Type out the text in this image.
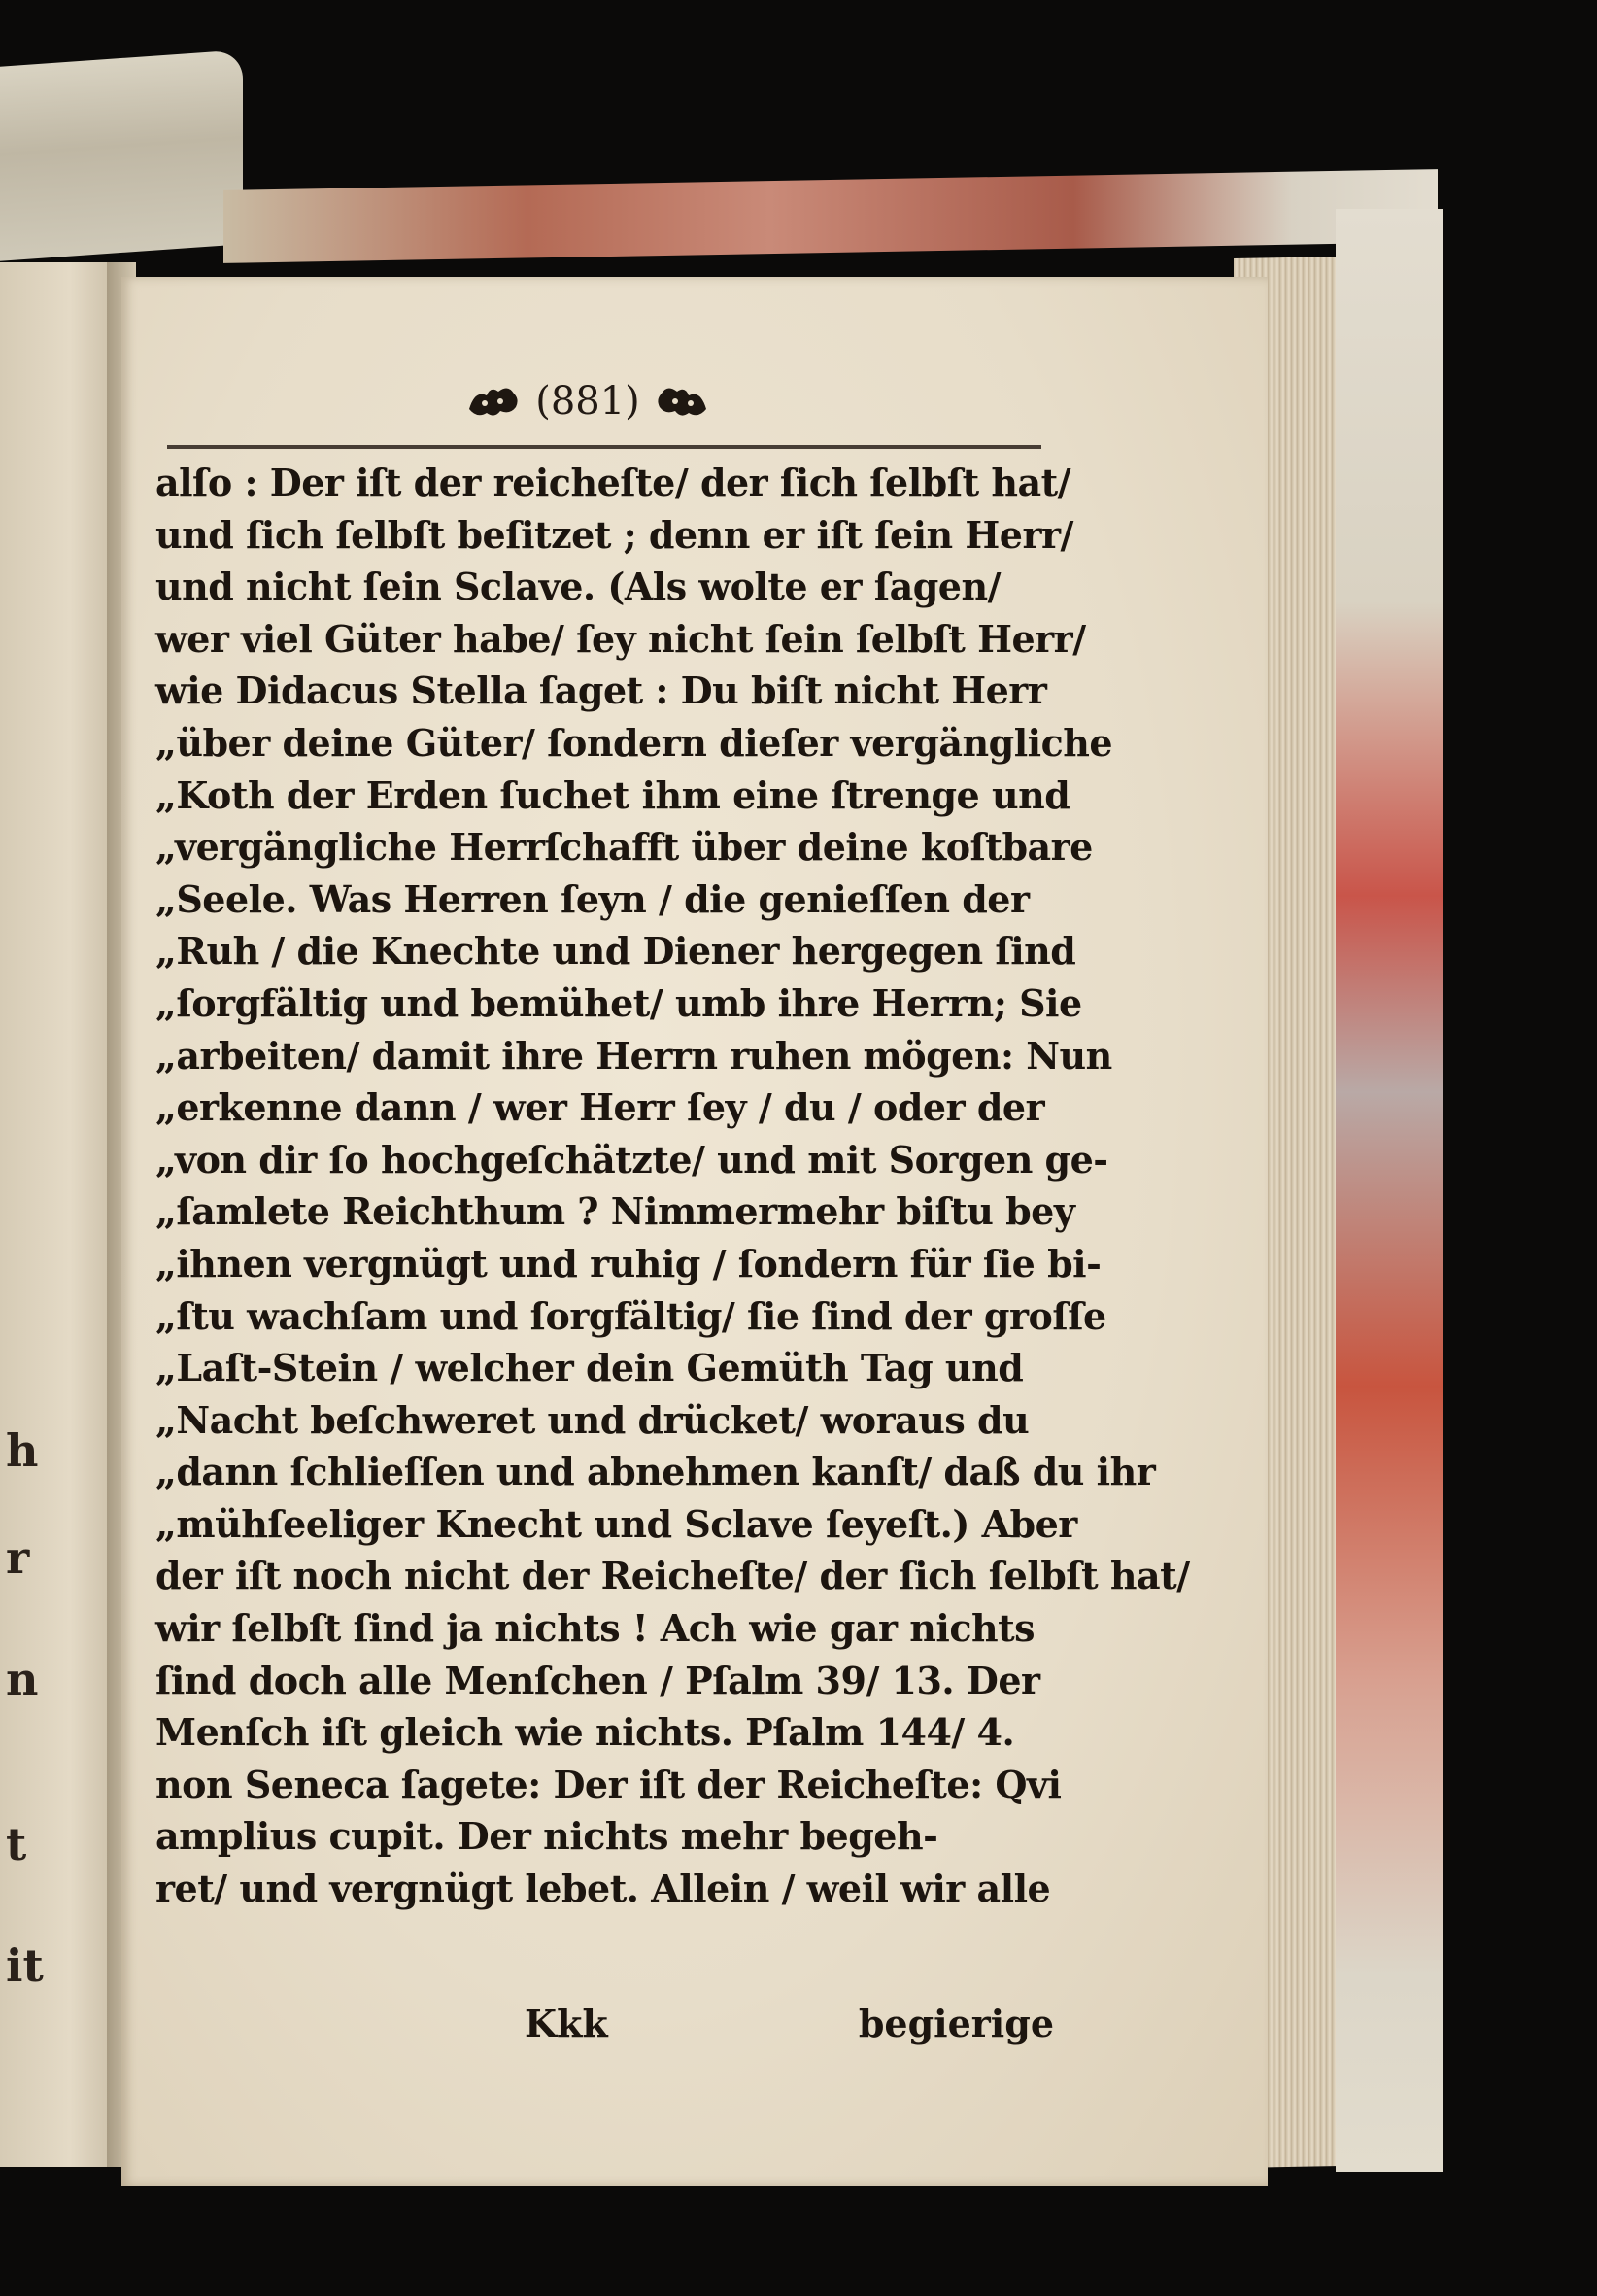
h
r
n
t
it
(881)
alſo : Der iſt der reicheſte/ der ſich ſelbſt hat/
und ſich ſelbſt beſitzet ; denn er iſt ſein Herr/
und nicht ſein Sclave. (Als wolte er ſagen/
wer viel Güter habe/ ſey nicht ſein ſelbſt Herr/
wie Didacus Stella ſaget : Du biſt nicht Herr
„über deine Güter/ ſondern dieſer vergängliche
„Koth der Erden ſuchet ihm eine ſtrenge und
„vergängliche Herrſchafft über deine koſtbare
„Seele. Was Herren ſeyn / die genieſſen der
„Ruh / die Knechte und Diener hergegen ſind
„ſorgfältig und bemühet/ umb ihre Herrn; Sie
„arbeiten/ damit ihre Herrn ruhen mögen: Nun
„erkenne dann / wer Herr ſey / du / oder der
„von dir ſo hochgeſchätzte/ und mit Sorgen ge-
„ſamlete Reichthum ? Nimmermehr biſtu bey
„ihnen vergnügt und ruhig / ſondern für ſie bi-
„ſtu wachſam und ſorgfältig/ ſie ſind der groſſe
„Laſt-Stein / welcher dein Gemüth Tag und
„Nacht beſchweret und drücket/ woraus du
„dann ſchlieſſen und abnehmen kanſt/ daß du ihr
„mühſeeliger Knecht und Sclave ſeyeſt.) Aber
der iſt noch nicht der Reicheſte/ der ſich ſelbſt hat/
wir ſelbſt ſind ja nichts ! Ach wie gar nichts
ſind doch alle Menſchen / Pſalm 39/ 13. Der
Menſch iſt gleich wie nichts. Pſalm 144/ 4.
non Seneca ſagete: Der iſt der Reicheſte: Qvi
amplius cupit. Der nichts mehr begeh-
ret/ und vergnügt lebet. Allein / weil wir alle
Kkk	begierige
